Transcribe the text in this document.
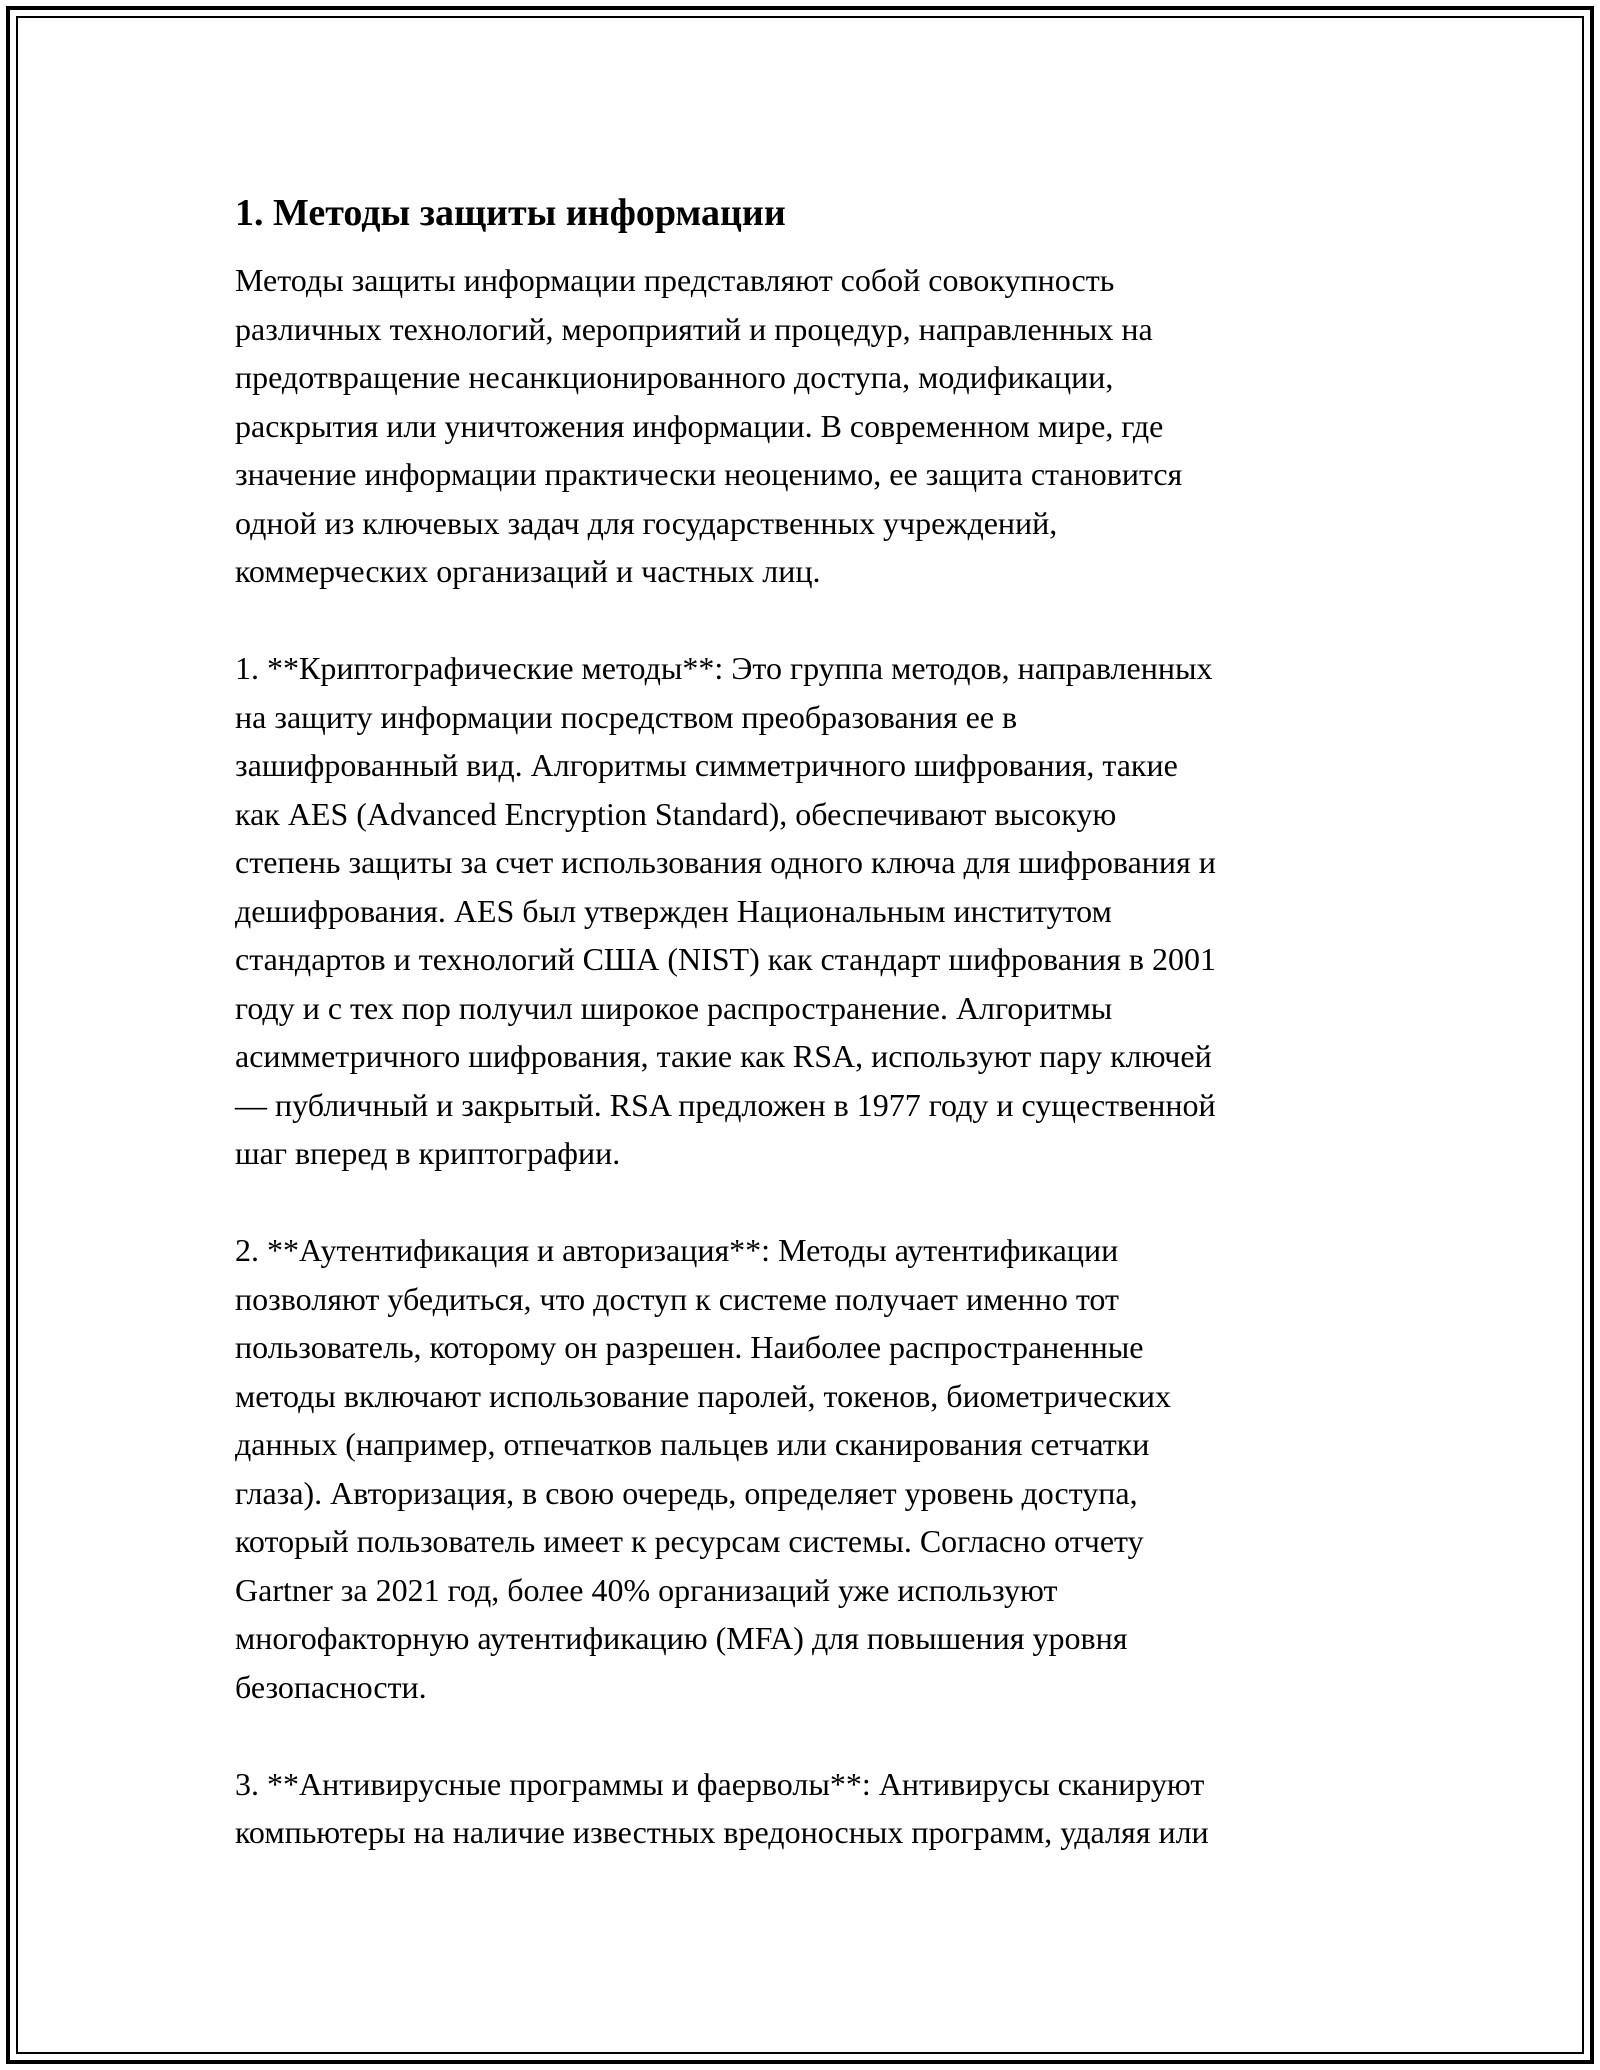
1. Методы защиты информации
Методы защиты информации представляют собой совокупность
различных технологий, мероприятий и процедур, направленных на
предотвращение несанкционированного доступа, модификации,
раскрытия или уничтожения информации. В современном мире, где
значение информации практически неоценимо, ее защита становится
одной из ключевых задач для государственных учреждений,
коммерческих организаций и частных лиц.
1. **Криптографические методы**: Это группа методов, направленных
на защиту информации посредством преобразования ее в
зашифрованный вид. Алгоритмы симметричного шифрования, такие
как AES (Advanced Encryption Standard), обеспечивают высокую
степень защиты за счет использования одного ключа для шифрования и
дешифрования. AES был утвержден Национальным институтом
стандартов и технологий США (NIST) как стандарт шифрования в 2001
году и с тех пор получил широкое распространение. Алгоритмы
асимметричного шифрования, такие как RSA, используют пару ключей
— публичный и закрытый. RSA предложен в 1977 году и существенной
шаг вперед в криптографии.
2. **Аутентификация и авторизация**: Методы аутентификации
позволяют убедиться, что доступ к системе получает именно тот
пользователь, которому он разрешен. Наиболее распространенные
методы включают использование паролей, токенов, биометрических
данных (например, отпечатков пальцев или сканирования сетчатки
глаза). Авторизация, в свою очередь, определяет уровень доступа,
который пользователь имеет к ресурсам системы. Согласно отчету
Gartner за 2021 год, более 40% организаций уже используют
многофакторную аутентификацию (MFA) для повышения уровня
безопасности.
3. **Антивирусные программы и фаерволы**: Антивирусы сканируют
компьютеры на наличие известных вредоносных программ, удаляя или
